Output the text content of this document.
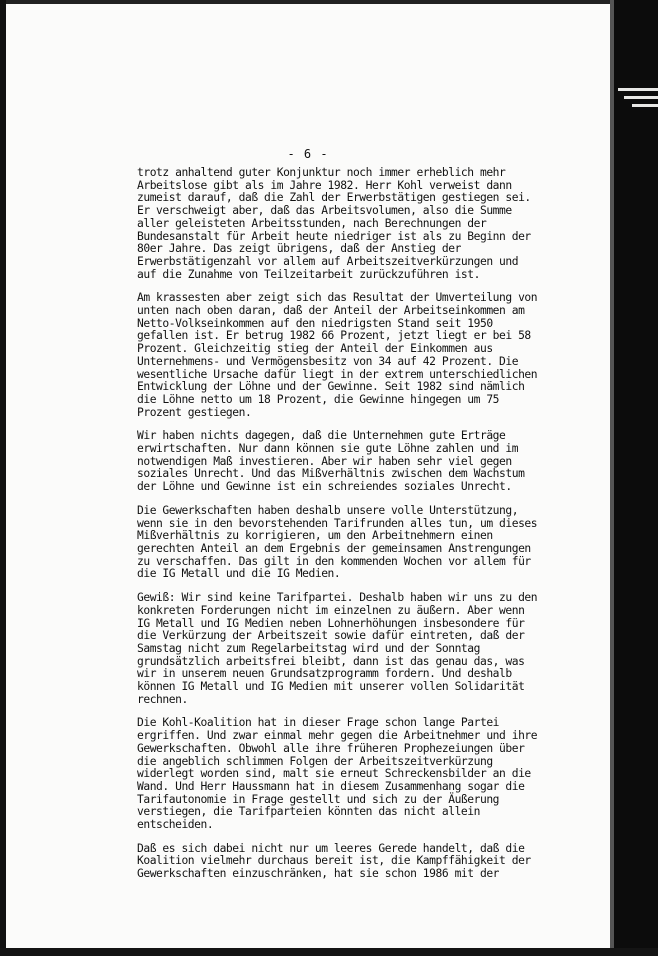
- 6 -
trotz anhaltend guter Konjunktur noch immer erheblich mehr
Arbeitslose gibt als im Jahre 1982. Herr Kohl verweist dann
zumeist darauf, daß die Zahl der Erwerbstätigen gestiegen sei.
Er verschweigt aber, daß das Arbeitsvolumen, also die Summe
aller geleisteten Arbeitsstunden, nach Berechnungen der
Bundesanstalt für Arbeit heute niedriger ist als zu Beginn der
80er Jahre. Das zeigt übrigens, daß der Anstieg der
Erwerbstätigenzahl vor allem auf Arbeitszeitverkürzungen und
auf die Zunahme von Teilzeitarbeit zurückzuführen ist.
Am krassesten aber zeigt sich das Resultat der Umverteilung von
unten nach oben daran, daß der Anteil der Arbeitseinkommen am
Netto-Volkseinkommen auf den niedrigsten Stand seit 1950
gefallen ist. Er betrug 1982 66 Prozent, jetzt liegt er bei 58
Prozent. Gleichzeitig stieg der Anteil der Einkommen aus
Unternehmens- und Vermögensbesitz von 34 auf 42 Prozent. Die
wesentliche Ursache dafür liegt in der extrem unterschiedlichen
Entwicklung der Löhne und der Gewinne. Seit 1982 sind nämlich
die Löhne netto um 18 Prozent, die Gewinne hingegen um 75
Prozent gestiegen.
Wir haben nichts dagegen, daß die Unternehmen gute Erträge
erwirtschaften. Nur dann können sie gute Löhne zahlen und im
notwendigen Maß investieren. Aber wir haben sehr viel gegen
soziales Unrecht. Und das Mißverhältnis zwischen dem Wachstum
der Löhne und Gewinne ist ein schreiendes soziales Unrecht.
Die Gewerkschaften haben deshalb unsere volle Unterstützung,
wenn sie in den bevorstehenden Tarifrunden alles tun, um dieses
Mißverhältnis zu korrigieren, um den Arbeitnehmern einen
gerechten Anteil an dem Ergebnis der gemeinsamen Anstrengungen
zu verschaffen. Das gilt in den kommenden Wochen vor allem für
die IG Metall und die IG Medien.
Gewiß: Wir sind keine Tarifpartei. Deshalb haben wir uns zu den
konkreten Forderungen nicht im einzelnen zu äußern. Aber wenn
IG Metall und IG Medien neben Lohnerhöhungen insbesondere für
die Verkürzung der Arbeitszeit sowie dafür eintreten, daß der
Samstag nicht zum Regelarbeitstag wird und der Sonntag
grundsätzlich arbeitsfrei bleibt, dann ist das genau das, was
wir in unserem neuen Grundsatzprogramm fordern. Und deshalb
können IG Metall und IG Medien mit unserer vollen Solidarität
rechnen.
Die Kohl-Koalition hat in dieser Frage schon lange Partei
ergriffen. Und zwar einmal mehr gegen die Arbeitnehmer und ihre
Gewerkschaften. Obwohl alle ihre früheren Prophezeiungen über
die angeblich schlimmen Folgen der Arbeitszeitverkürzung
widerlegt worden sind, malt sie erneut Schreckensbilder an die
Wand. Und Herr Haussmann hat in diesem Zusammenhang sogar die
Tarifautonomie in Frage gestellt und sich zu der Äußerung
verstiegen, die Tarifparteien könnten das nicht allein
entscheiden.
Daß es sich dabei nicht nur um leeres Gerede handelt, daß die
Koalition vielmehr durchaus bereit ist, die Kampffähigkeit der
Gewerkschaften einzuschränken, hat sie schon 1986 mit der
